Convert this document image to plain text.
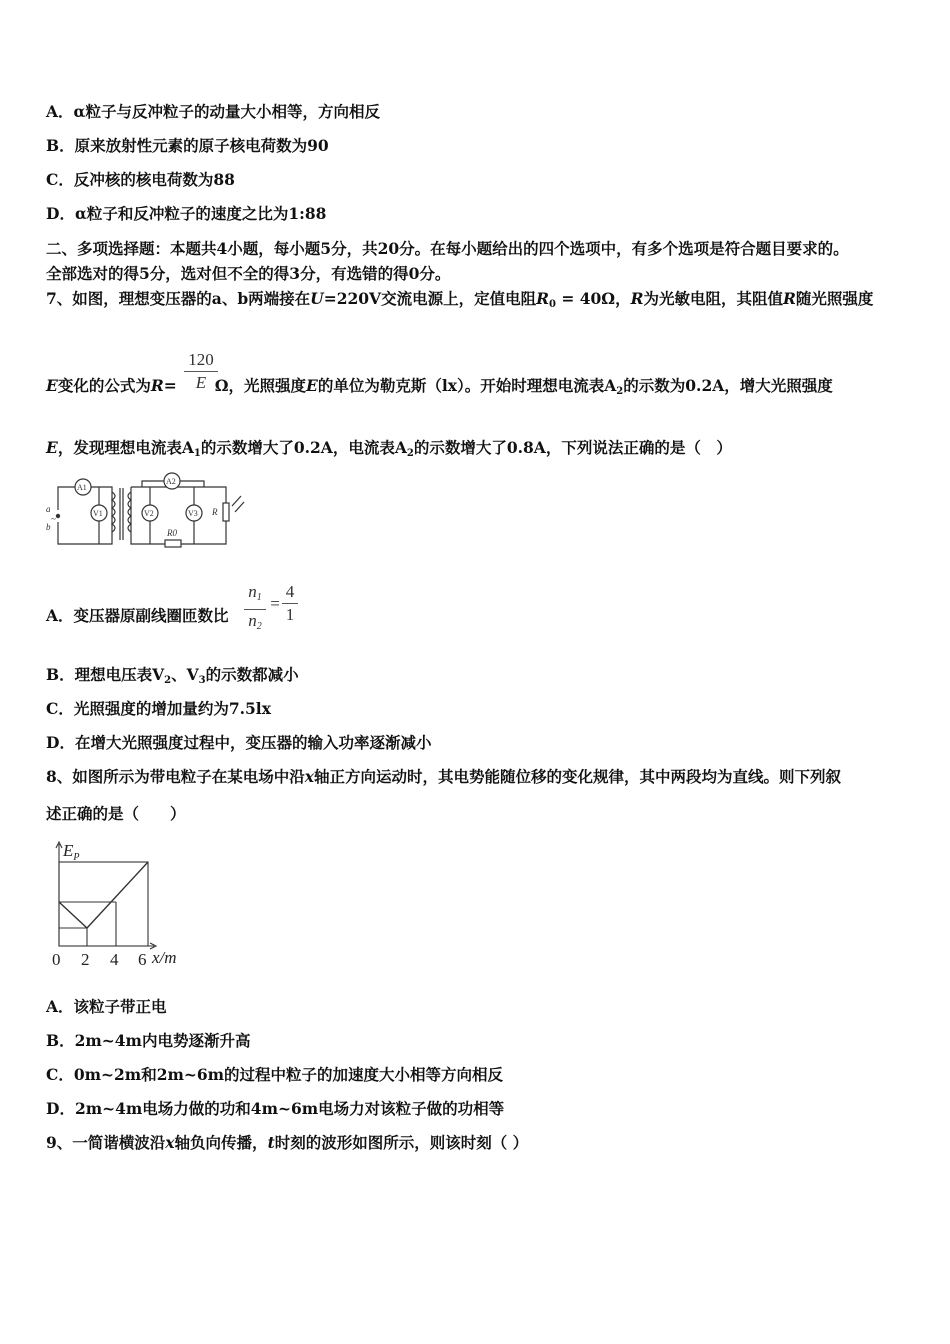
A．α粒子与反冲粒子的动量大小相等，方向相反
B．原来放射性元素的原子核电荷数为90
C．反冲核的核电荷数为88
D．α粒子和反冲粒子的速度之比为1:88
二、多项选择题：本题共4小题，每小题5分，共20分。在每小题给出的四个选项中，有多个选项是符合题目要求的。
全部选对的得5分，选对但不全的得3分，有选错的得0分。
7、如图，理想变压器的a、b两端接在U=220V交流电源上，定值电阻$R_0 = 40\Omega$，R为光敏电阻，其阻值R随光照强度
E变化的公式为R= Ω，光照强度E的单位为勒克斯（lx）。开始时理想电流表$A_2$的示数为0.2A，增大光照强度
$\frac{120}{E}$
E，发现理想电流表$A_1$的示数增大了0.2A，电流表$A_2$的示数增大了0.8A，下列说法正确的是（　）
a
b
~
A1
V1
A2
V2	V3
R0
R
A．变压器原副线圈匝数比 $\frac{n_1}{n_2} = \frac{4}{1}$
B．理想电压表$V_2$、$V_3$的示数都减小
C．光照强度的增加量约为7.5lx
D．在增大光照强度过程中，变压器的输入功率逐渐减小
8、如图所示为带电粒子在某电场中沿x轴正方向运动时，其电势能随位移的变化规律，其中两段均为直线。则下列叙
述正确的是（　　）
$E_P$
0 2 4 6 x/m
A．该粒子带正电
B．2m~4m内电势逐渐升高
C．0m~2m和2m~6m的过程中粒子的加速度大小相等方向相反
D．2m~4m电场力做的功和4m~6m电场力对该粒子做的功相等
9、一简谐横波沿x轴负向传播，t时刻的波形如图所示，则该时刻（ ）
